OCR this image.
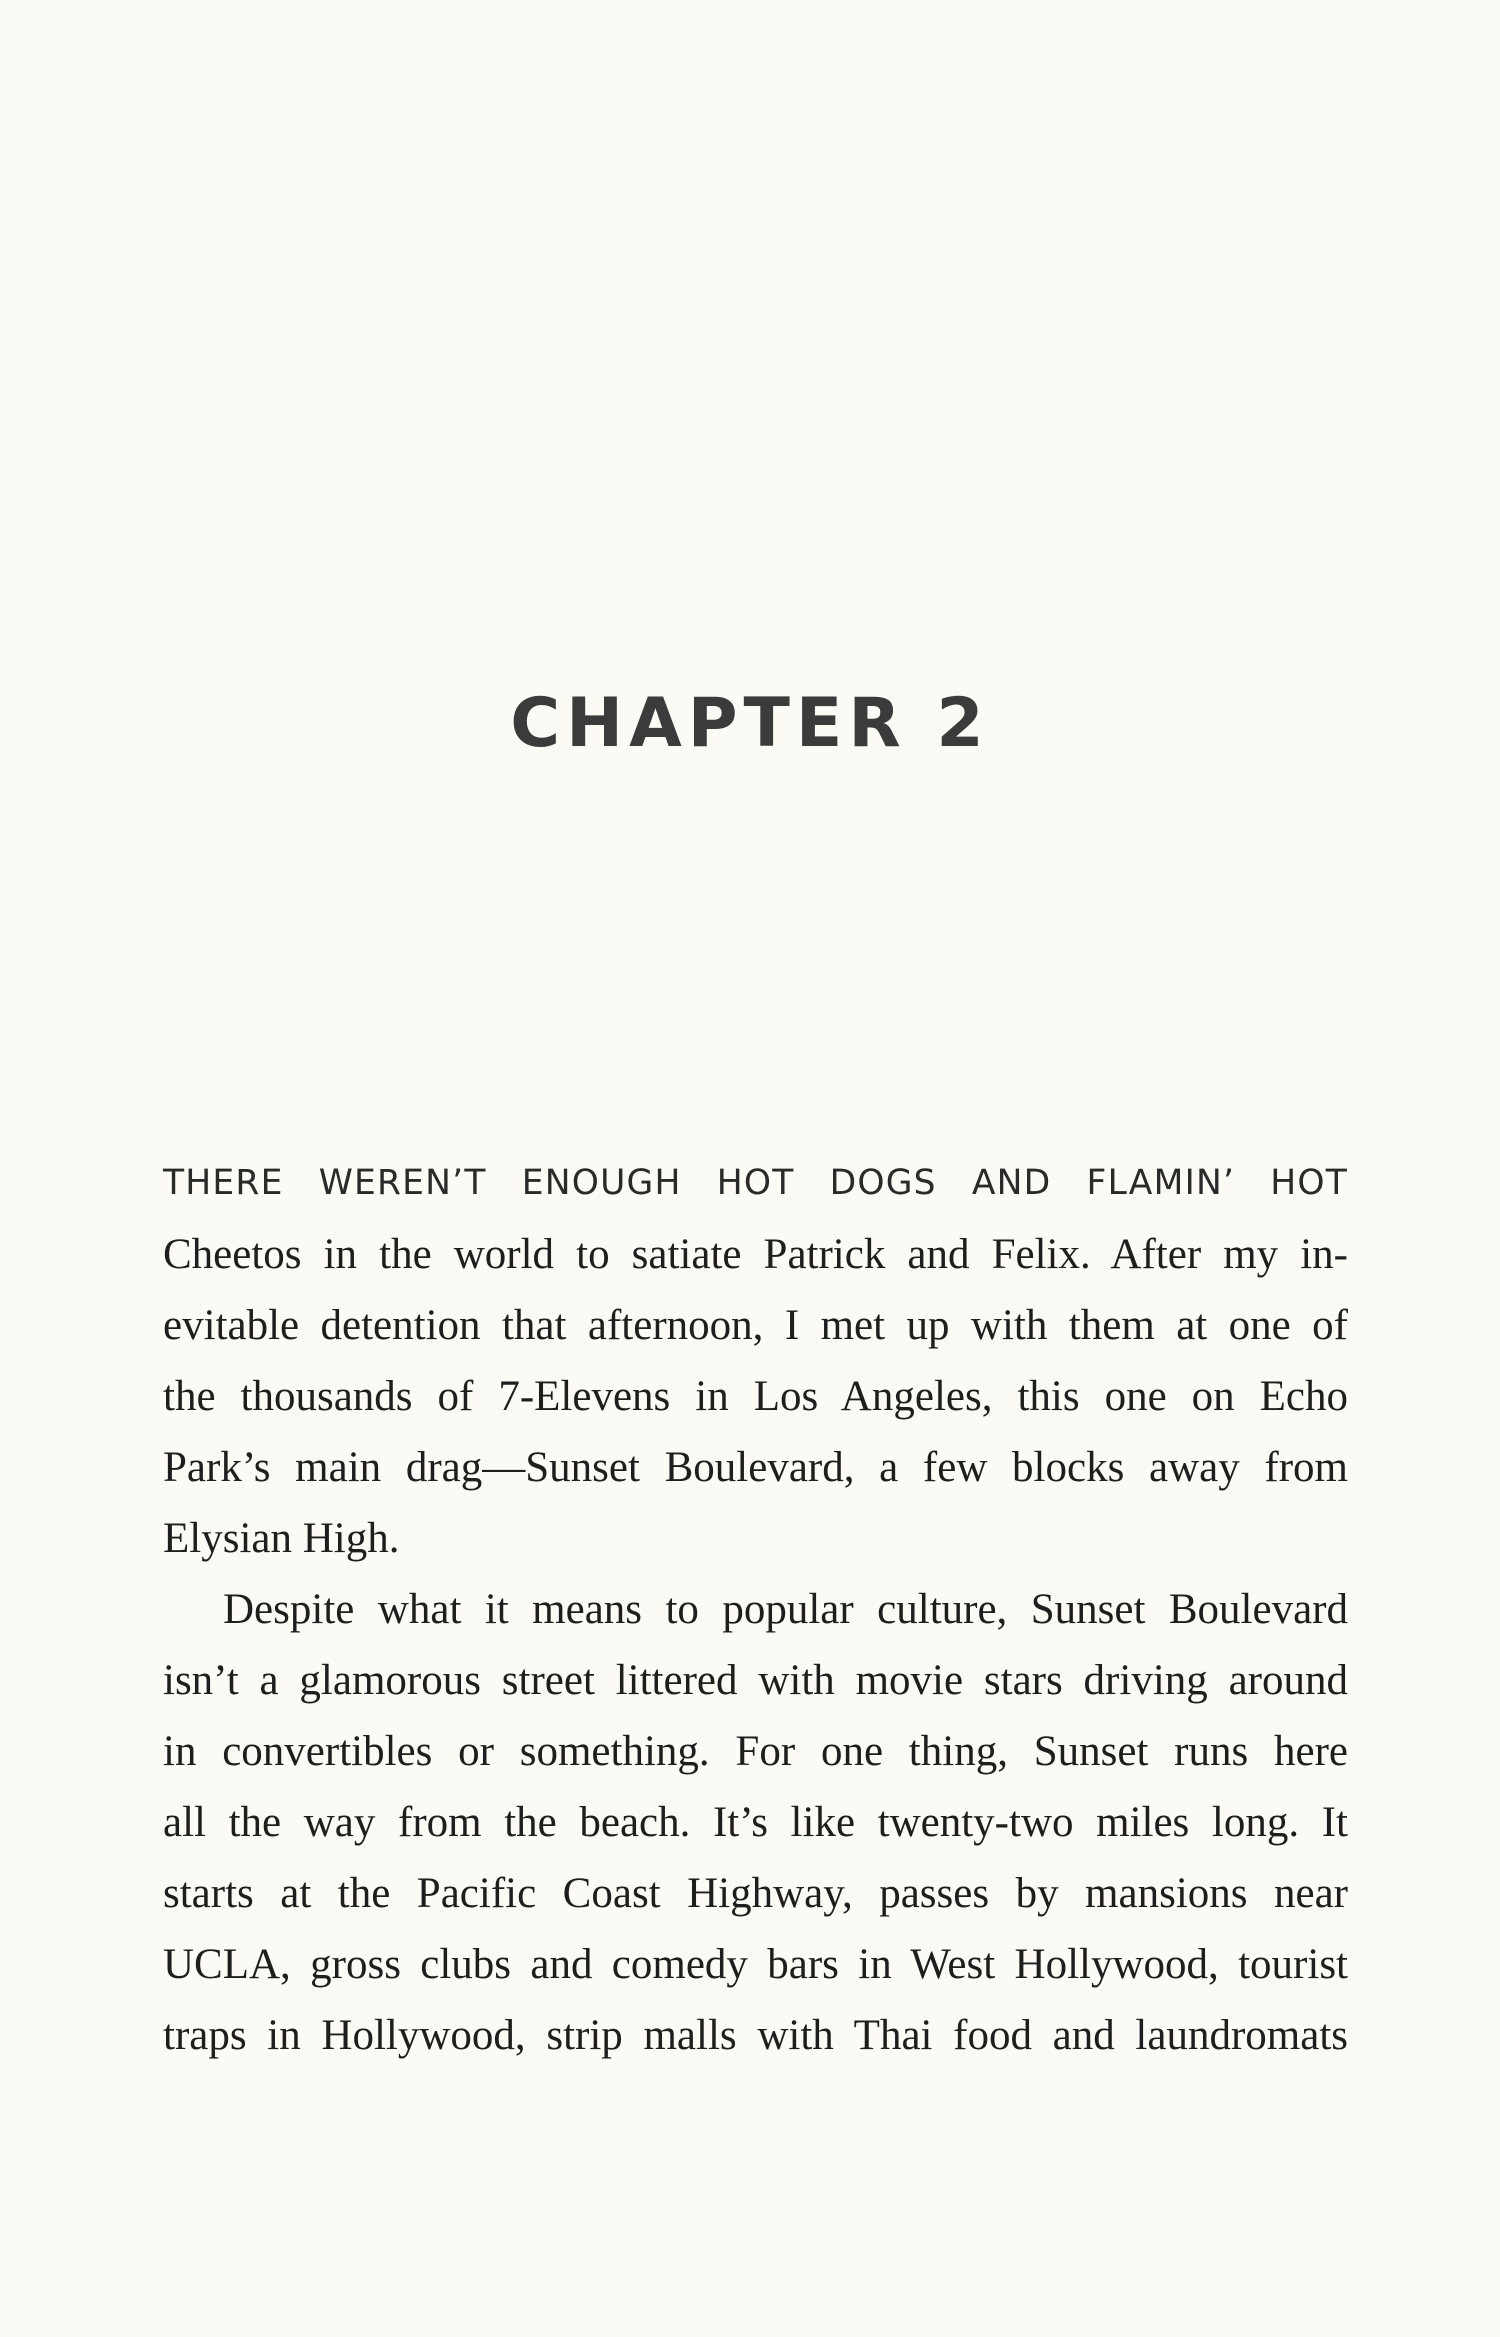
CHAPTER 2
THERE WEREN’T ENOUGH HOT DOGS AND FLAMIN’ HOT
Cheetos in the world to satiate Patrick and Felix. After my in-
evitable detention that afternoon, I met up with them at one of
the thousands of 7-Elevens in Los Angeles, this one on Echo
Park’s main drag—Sunset Boulevard, a few blocks away from
Elysian High.
Despite what it means to popular culture, Sunset Boulevard
isn’t a glamorous street littered with movie stars driving around
in convertibles or something. For one thing, Sunset runs here
all the way from the beach. It’s like twenty-two miles long. It
starts at the Pacific Coast Highway, passes by mansions near
UCLA, gross clubs and comedy bars in West Hollywood, tourist
traps in Hollywood, strip malls with Thai food and laundromats
